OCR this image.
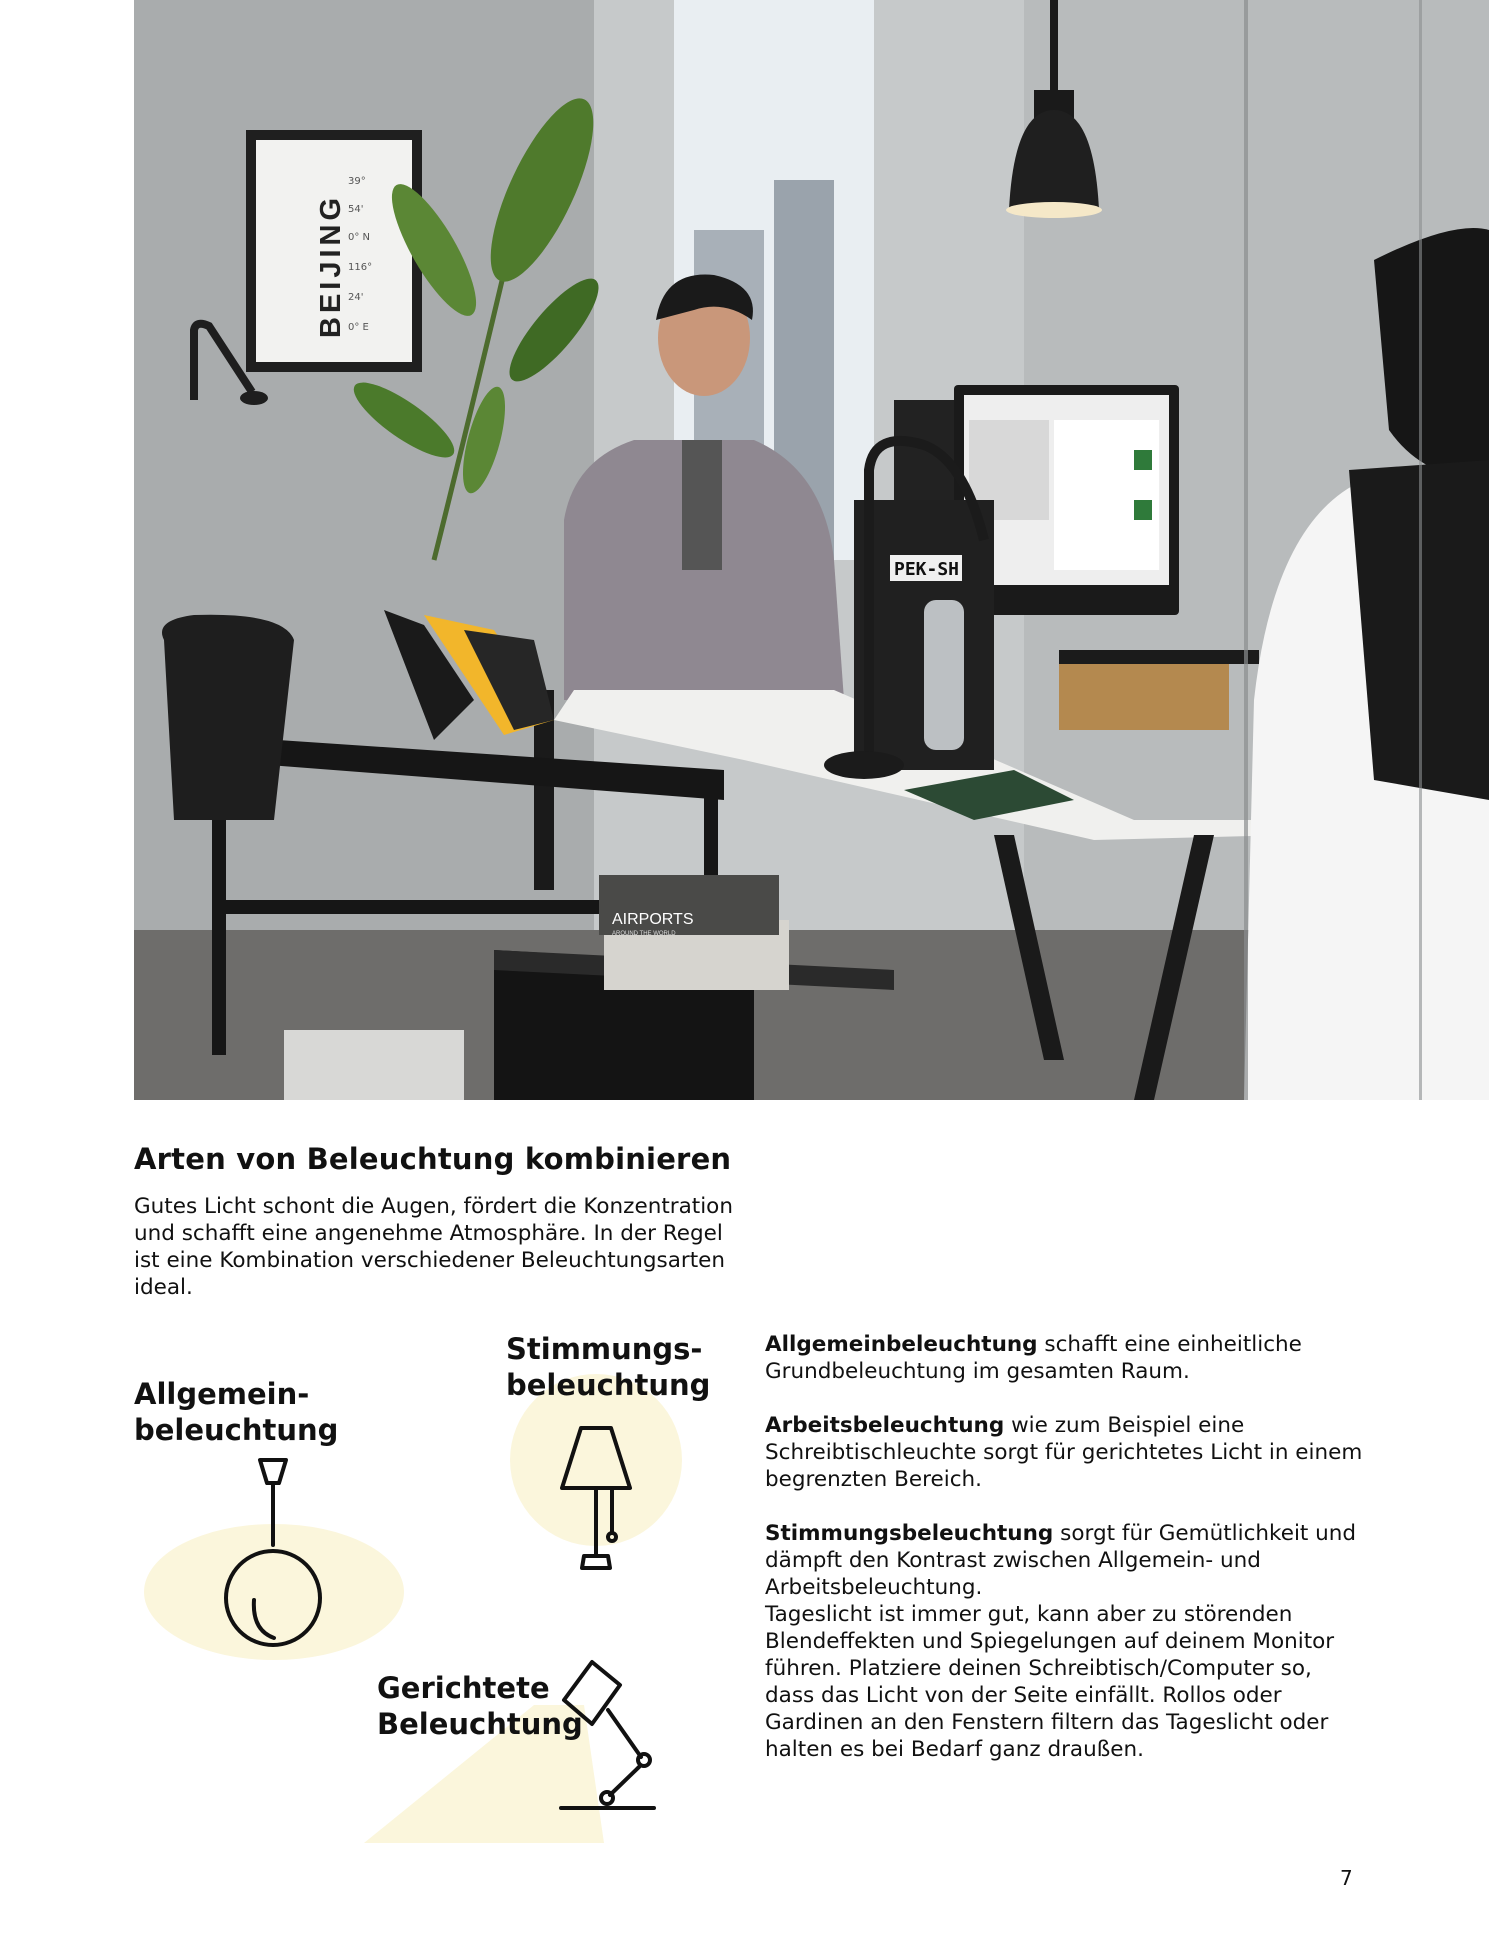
BEIJING
39°
54'
0° N
116°
24'
0° E
PEK-SH
AIRPORTS
AROUND THE WORLD
Arten von Beleuchtung kombinieren

Gutes Licht schont die Augen, fördert die Konzentration und schafft eine angenehme Atmosphäre. In der Regel ist eine Kombination verschiedener Beleuchtungsarten ideal.

Allgemein-
beleuchtung
Stimmungs-
beleuchtung
Gerichtete
Beleuchtung

Allgemeinbeleuchtung schafft eine einheitliche Grundbeleuchtung im gesamten Raum.

Arbeitsbeleuchtung wie zum Beispiel eine Schreibtischleuchte sorgt für gerichtetes Licht in einem begrenzten Bereich.

Stimmungsbeleuchtung sorgt für Gemütlichkeit und dämpft den Kontrast zwischen Allgemein- und Arbeitsbeleuchtung.

Tageslicht ist immer gut, kann aber zu störenden Blendeffekten und Spiegelungen auf deinem Monitor führen. Platziere deinen Schreibtisch/Computer so, dass das Licht von der Seite einfällt. Rollos oder Gardinen an den Fenstern filtern das Tageslicht oder halten es bei Bedarf ganz draußen.

7
